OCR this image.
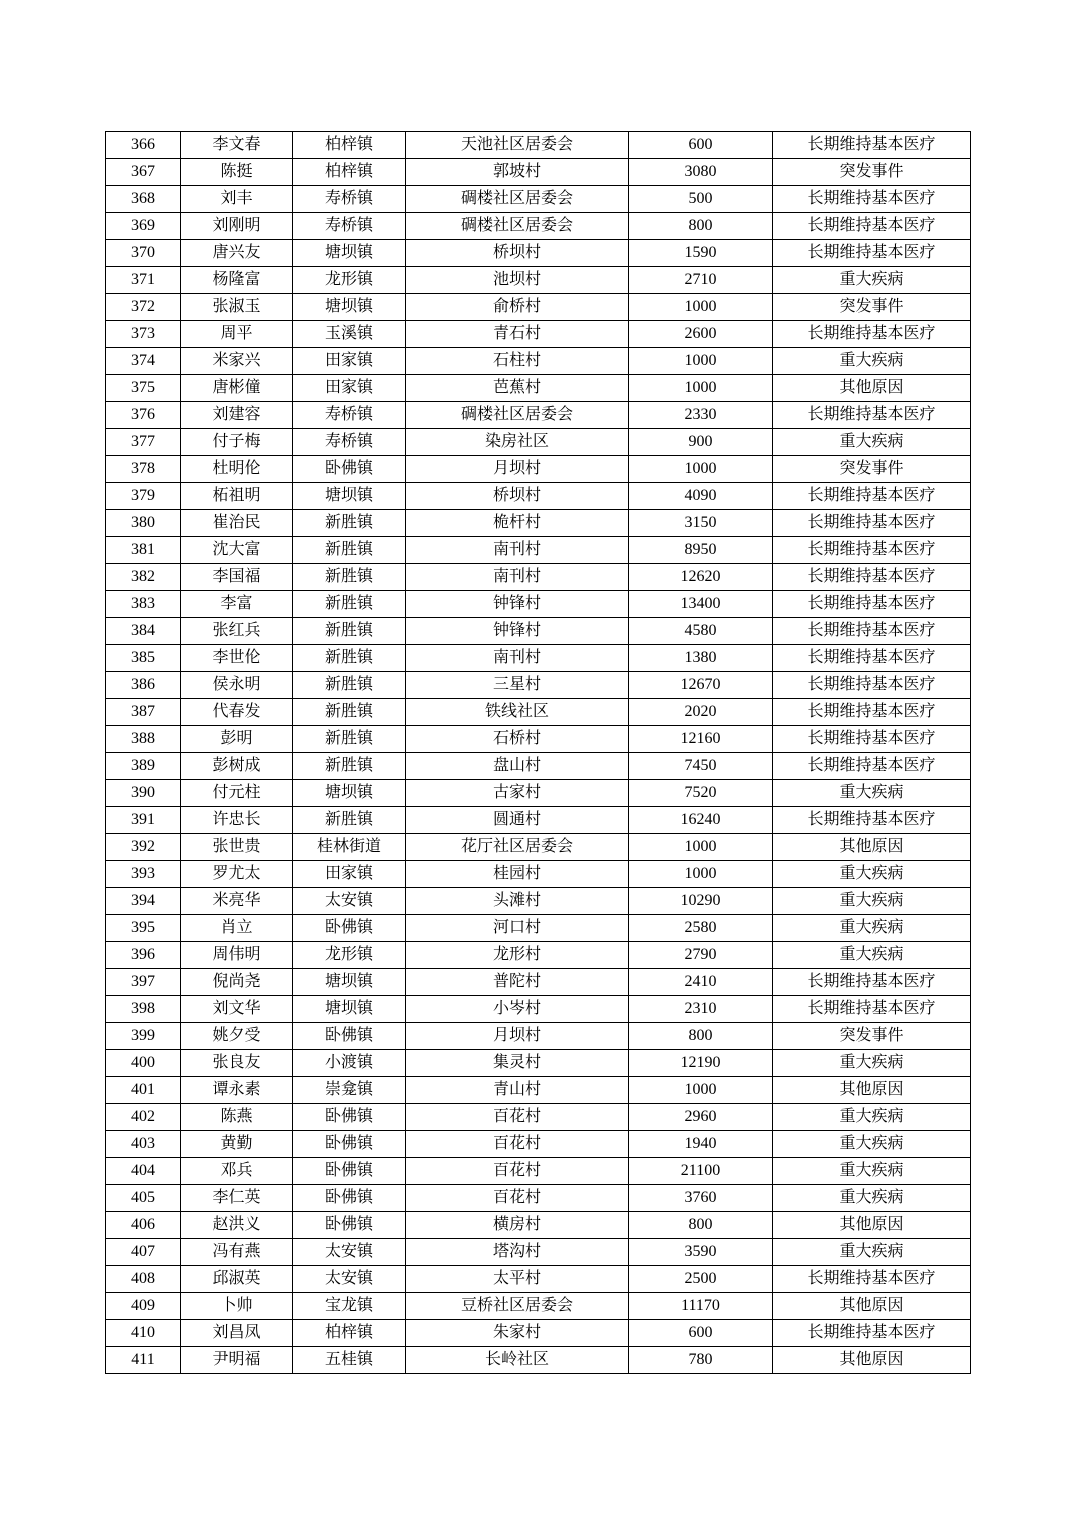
366	李文春	柏梓镇	天池社区居委会	600	长期维持基本医疗
367	陈挺	柏梓镇	郭坡村	3080	突发事件
368	刘丰	寿桥镇	碉楼社区居委会	500	长期维持基本医疗
369	刘刚明	寿桥镇	碉楼社区居委会	800	长期维持基本医疗
370	唐兴友	塘坝镇	桥坝村	1590	长期维持基本医疗
371	杨隆富	龙形镇	池坝村	2710	重大疾病
372	张淑玉	塘坝镇	俞桥村	1000	突发事件
373	周平	玉溪镇	青石村	2600	长期维持基本医疗
374	米家兴	田家镇	石柱村	1000	重大疾病
375	唐彬僮	田家镇	芭蕉村	1000	其他原因
376	刘建容	寿桥镇	碉楼社区居委会	2330	长期维持基本医疗
377	付子梅	寿桥镇	染房社区	900	重大疾病
378	杜明伦	卧佛镇	月坝村	1000	突发事件
379	柘祖明	塘坝镇	桥坝村	4090	长期维持基本医疗
380	崔治民	新胜镇	桅杆村	3150	长期维持基本医疗
381	沈大富	新胜镇	南刊村	8950	长期维持基本医疗
382	李国福	新胜镇	南刊村	12620	长期维持基本医疗
383	李富	新胜镇	钟锋村	13400	长期维持基本医疗
384	张红兵	新胜镇	钟锋村	4580	长期维持基本医疗
385	李世伦	新胜镇	南刊村	1380	长期维持基本医疗
386	侯永明	新胜镇	三星村	12670	长期维持基本医疗
387	代春发	新胜镇	铁线社区	2020	长期维持基本医疗
388	彭明	新胜镇	石桥村	12160	长期维持基本医疗
389	彭树成	新胜镇	盘山村	7450	长期维持基本医疗
390	付元柱	塘坝镇	古家村	7520	重大疾病
391	许忠长	新胜镇	圆通村	16240	长期维持基本医疗
392	张世贵	桂林街道	花厅社区居委会	1000	其他原因
393	罗尤太	田家镇	桂园村	1000	重大疾病
394	米亮华	太安镇	头滩村	10290	重大疾病
395	肖立	卧佛镇	河口村	2580	重大疾病
396	周伟明	龙形镇	龙形村	2790	重大疾病
397	倪尚尧	塘坝镇	普陀村	2410	长期维持基本医疗
398	刘文华	塘坝镇	小岑村	2310	长期维持基本医疗
399	姚夕受	卧佛镇	月坝村	800	突发事件
400	张良友	小渡镇	集灵村	12190	重大疾病
401	谭永素	崇龛镇	青山村	1000	其他原因
402	陈燕	卧佛镇	百花村	2960	重大疾病
403	黄勤	卧佛镇	百花村	1940	重大疾病
404	邓兵	卧佛镇	百花村	21100	重大疾病
405	李仁英	卧佛镇	百花村	3760	重大疾病
406	赵洪义	卧佛镇	横房村	800	其他原因
407	冯有燕	太安镇	塔沟村	3590	重大疾病
408	邱淑英	太安镇	太平村	2500	长期维持基本医疗
409	卜帅	宝龙镇	豆桥社区居委会	11170	其他原因
410	刘昌凤	柏梓镇	朱家村	600	长期维持基本医疗
411	尹明福	五桂镇	长岭社区	780	其他原因
